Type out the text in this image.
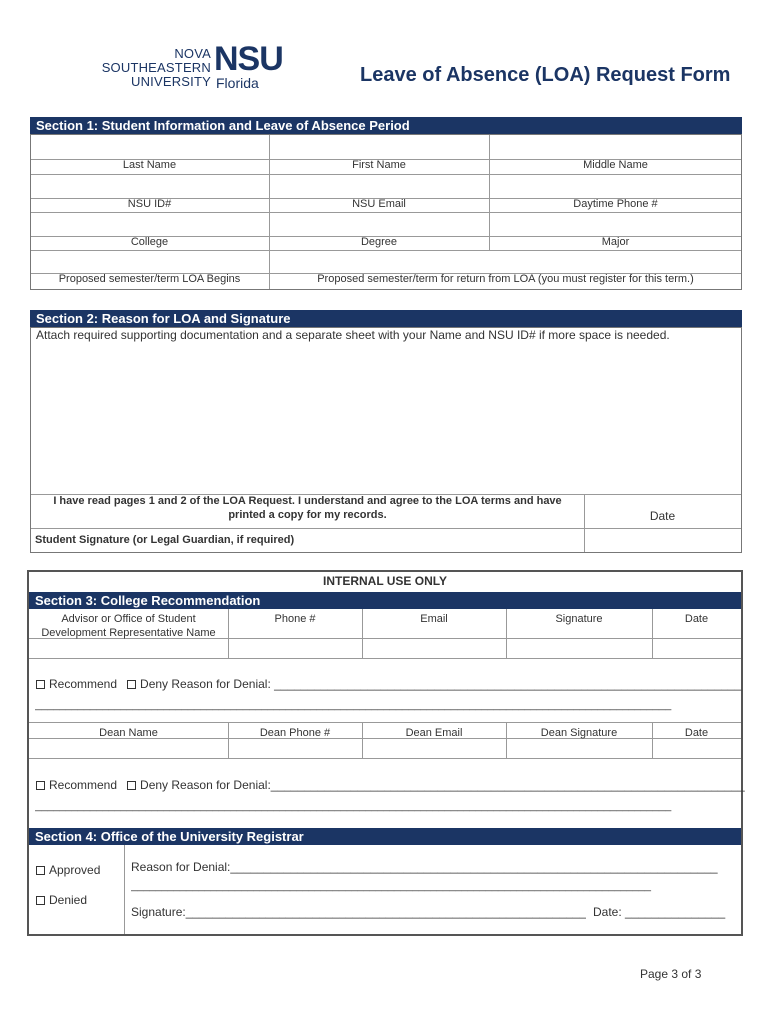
NOVA SOUTHEASTERN
UNIVERSITY
NSU
Florida	Leave of Absence (LOA) Request Form
Section 1: Student Information and Leave of Absence Period
Last Name	First Name	Middle Name
NSU ID#	NSU Email	Daytime Phone #
College	Degree	Major
Proposed semester/term LOA Begins	Proposed semester/term for return from LOA (you must register for this term.)
Section 2: Reason for LOA and Signature
Attach required supporting documentation and a separate sheet with your Name and NSU ID# if more space is needed.
I have read pages 1 and 2 of the LOA Request. I understand and agree to the LOA terms and have
printed a copy for my records.	Date
Student Signature (or Legal Guardian, if required)
INTERNAL USE ONLY
Section 3: College Recommendation
Advisor or Office of Student
Development Representative Name
Phone #	Email	Signature	Date
Recommend Deny Reason for Denial: ______________________________________________________________________
________________________________________________________________________________________________________
Dean Name	Dean Phone #	Dean Email	Dean Signature	Date
Recommend Deny Reason for Denial:_______________________________________________________________________
________________________________________________________________________________________________________
Section 4: Office of the University Registrar
Approved
Denied
Reason for Denial:_________________________________________________________________________
_____________________________________________________________________________________
Signature:____________________________________________________________ Date: _______________
Page 3 of 3
